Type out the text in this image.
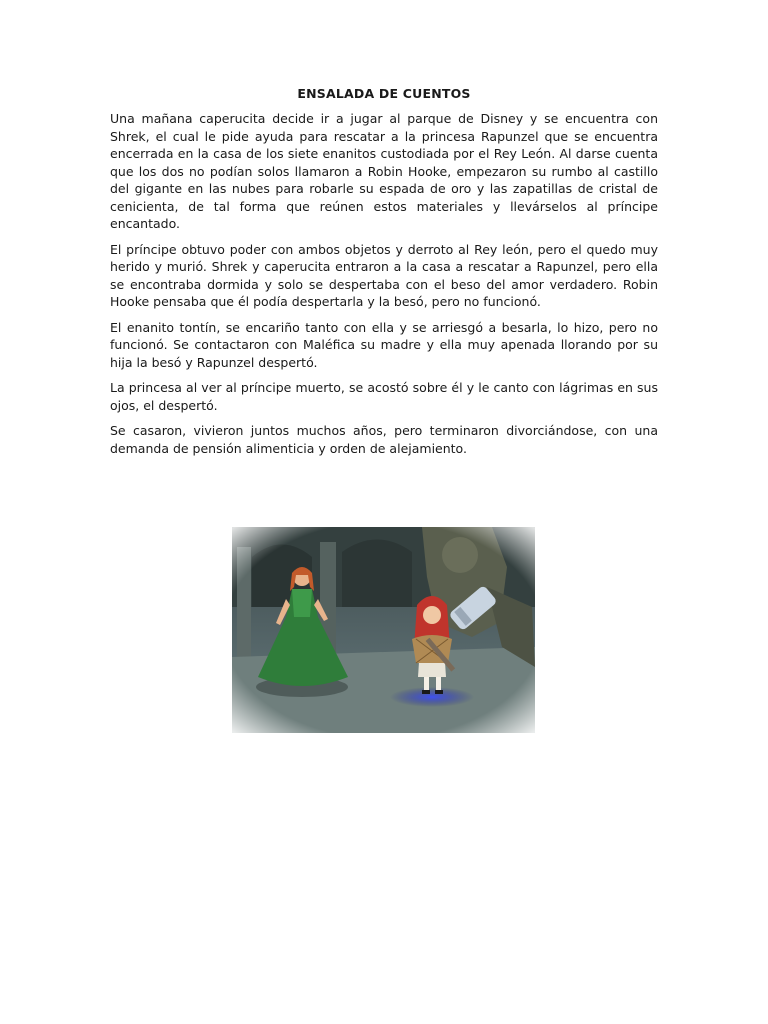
ENSALADA DE CUENTOS

Una mañana caperucita decide ir a jugar al parque de Disney y se encuentra con Shrek, el cual le pide ayuda para rescatar a la princesa Rapunzel que se encuentra encerrada en la casa de los siete enanitos custodiada por el Rey León. Al darse cuenta que los dos no podían solos llamaron a Robin Hooke, empezaron su rumbo al castillo del gigante en las nubes para robarle su espada de oro y las zapatillas de cristal de cenicienta, de tal forma que reúnen estos materiales y llevárselos al príncipe encantado.

El príncipe obtuvo poder con ambos objetos y derroto al Rey león, pero el quedo muy herido y murió. Shrek y caperucita entraron a la casa a rescatar a Rapunzel, pero ella se encontraba dormida y solo se despertaba con el beso del amor verdadero. Robin Hooke pensaba que él podía despertarla y la besó, pero no funcionó.

El enanito tontín, se encariño tanto con ella y se arriesgó a besarla, lo hizo, pero no funcionó. Se contactaron con Maléfica su madre y ella muy apenada llorando por su hija la besó y Rapunzel despertó.

La princesa al ver al príncipe muerto, se acostó sobre él y le canto con lágrimas en sus ojos, el despertó.

Se casaron, vivieron juntos muchos años, pero terminaron divorciándose, con una demanda de pensión alimenticia y orden de alejamiento.
